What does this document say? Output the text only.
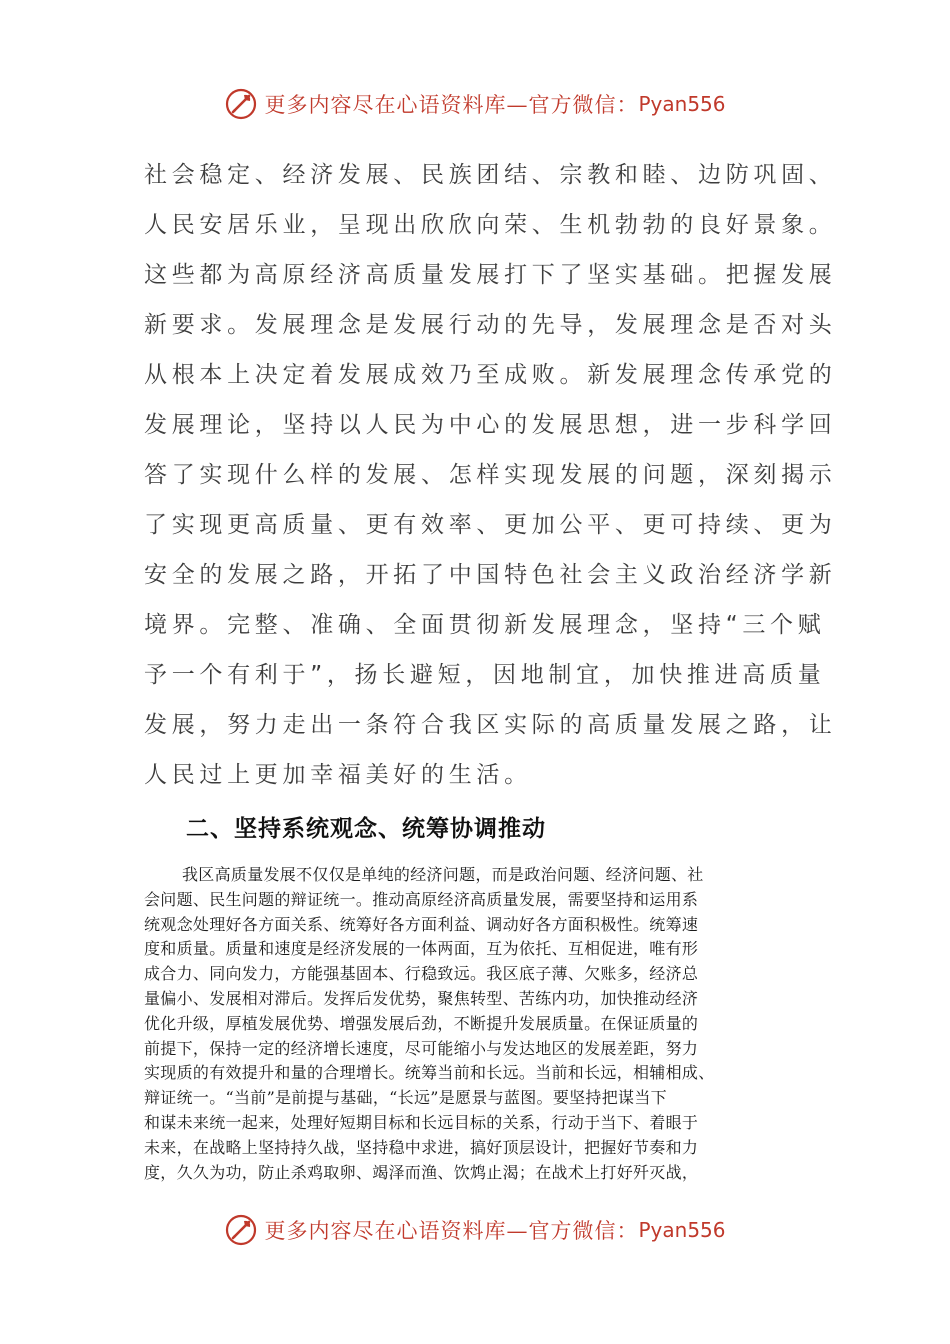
更多内容尽在心语资料库—官方微信： Pyan556
社会稳定、经济发展、民族团结、宗教和睦、边防巩固、
人民安居乐业，呈现出欣欣向荣、生机勃勃的良好景象。
这些都为高原经济高质量发展打下了坚实基础。把握发展
新要求。发展理念是发展行动的先导，发展理念是否对头
从根本上决定着发展成效乃至成败。新发展理念传承党的
发展理论，坚持以人民为中心的发展思想，进一步科学回
答了实现什么样的发展、怎样实现发展的问题，深刻揭示
了实现更高质量、更有效率、更加公平、更可持续、更为
安全的发展之路，开拓了中国特色社会主义政治经济学新
境界。完整、准确、全面贯彻新发展理念，坚持“三个赋
予一个有利于”，扬长避短，因地制宜，加快推进高质量
发展，努力走出一条符合我区实际的高质量发展之路，让
人民过上更加幸福美好的生活。
二、坚持系统观念、统筹协调推动
我区高质量发展不仅仅是单纯的经济问题，而是政治问题、经济问题、社
会问题、民生问题的辩证统一。推动高原经济高质量发展，需要坚持和运用系
统观念处理好各方面关系、统筹好各方面利益、调动好各方面积极性。统筹速
度和质量。质量和速度是经济发展的一体两面，互为依托、互相促进，唯有形
成合力、同向发力，方能强基固本、行稳致远。我区底子薄、欠账多，经济总
量偏小、发展相对滞后。发挥后发优势，聚焦转型、苦练内功，加快推动经济
优化升级，厚植发展优势、增强发展后劲，不断提升发展质量。在保证质量的
前提下，保持一定的经济增长速度，尽可能缩小与发达地区的发展差距，努力
实现质的有效提升和量的合理增长。统筹当前和长远。当前和长远，相辅相成、
辩证统一。“当前”是前提与基础，“长远”是愿景与蓝图。要坚持把谋当下
和谋未来统一起来，处理好短期目标和长远目标的关系，行动于当下、着眼于
未来，在战略上坚持持久战，坚持稳中求进，搞好顶层设计，把握好节奏和力
度，久久为功，防止杀鸡取卵、竭泽而渔、饮鸩止渴；在战术上打好歼灭战，
更多内容尽在心语资料库—官方微信： Pyan556
